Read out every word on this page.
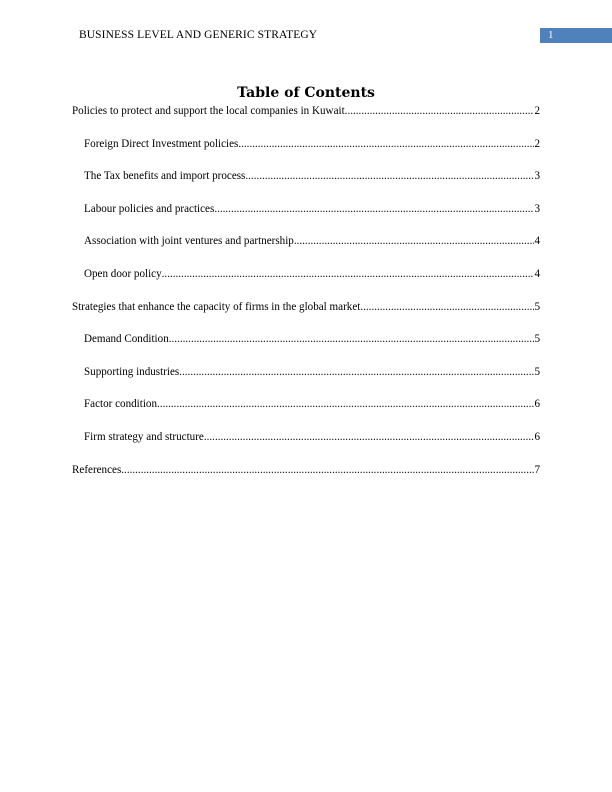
BUSINESS LEVEL AND GENERIC STRATEGY	1
Table of Contents
Policies to protect and support the local companies in Kuwait .....	2
Foreign Direct Investment policies .....	2
The Tax benefits and import process .....	3
Labour policies and practices .....	3
Association with joint ventures and partnership .....	4
Open door policy .....	4
Strategies that enhance the capacity of firms in the global market .....	5
Demand Condition .....	5
Supporting industries .....	5
Factor condition .....	6
Firm strategy and structure .....	6
References .....	7
